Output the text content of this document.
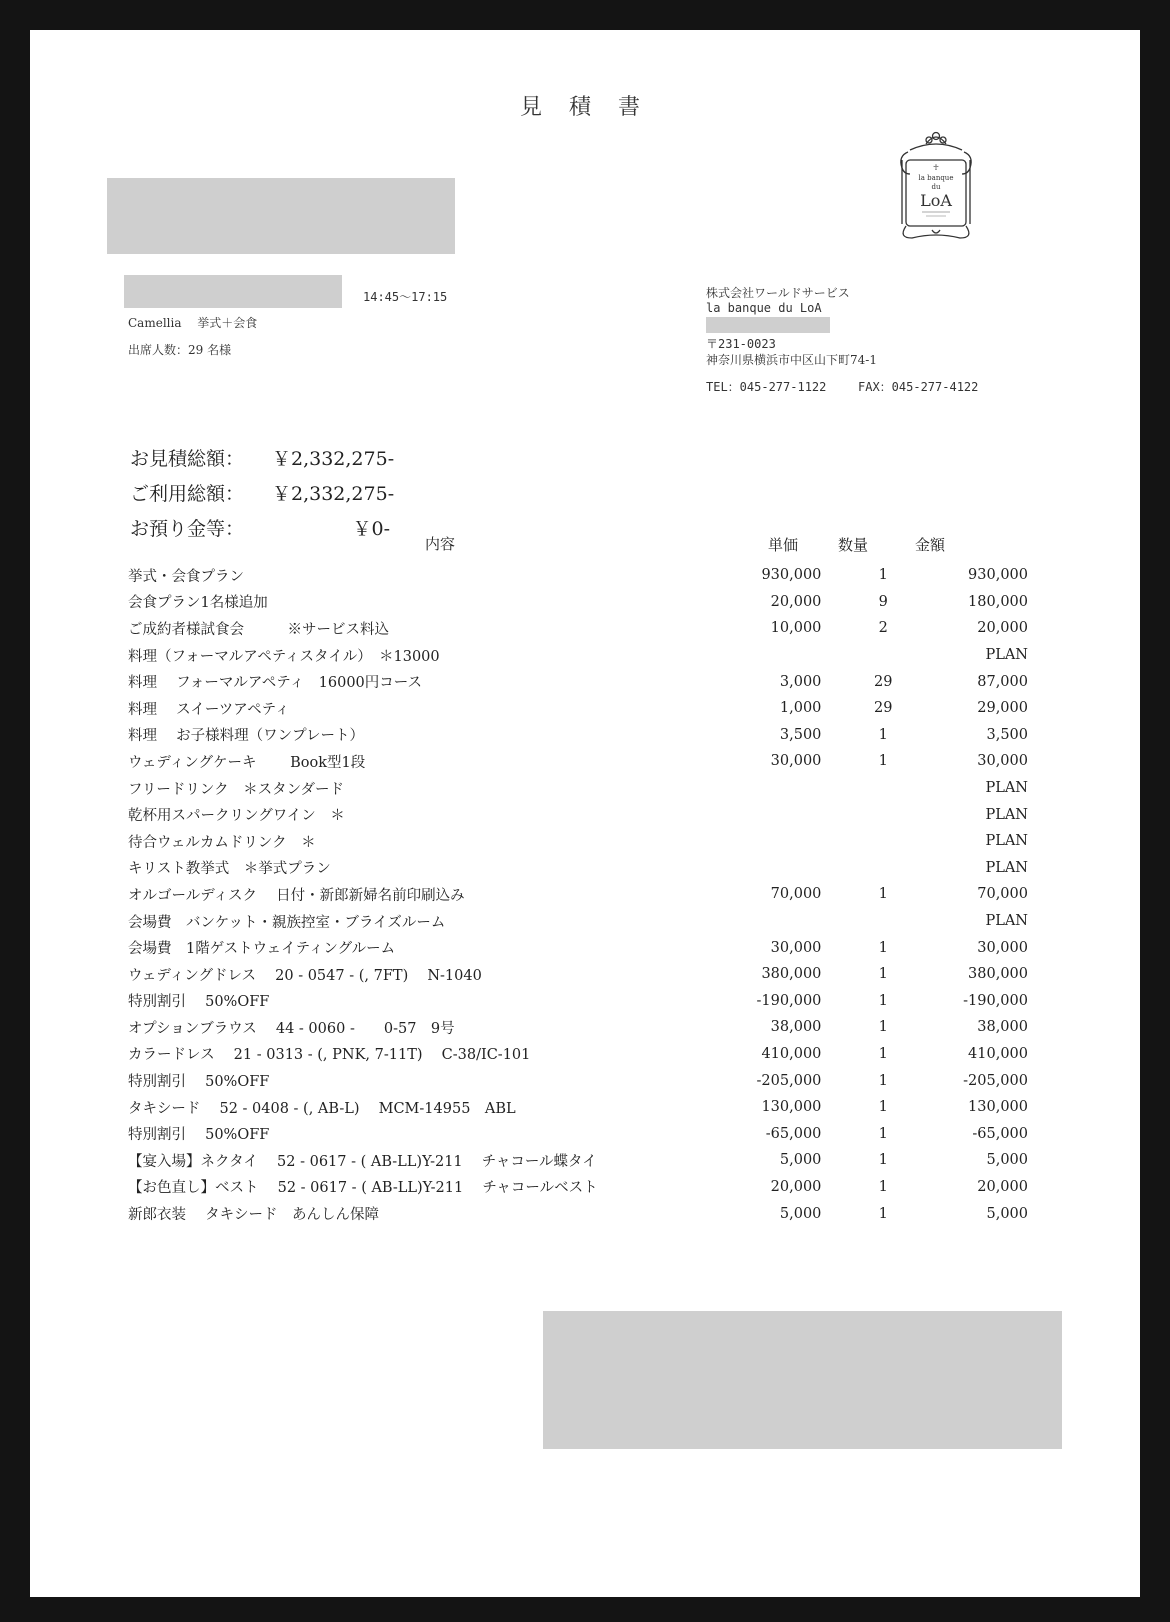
見 積 書
☥
la banque
du
LoA
14:45〜17:15
Camellia　 挙式＋会食
出席人数：29 名様
株式会社ワールドサービス
la banque du LoA
〒231-0023
神奈川県横浜市中区山下町74-1
TEL：045-277-1122	FAX：045-277-4122
お見積総額： ￥2,332,275-
ご利用総額： ￥2,332,275-
お預り金等：	￥0-
内容	単価	数量	金額
挙式・会食プラン	930,000	1	930,000
会食プラン1名様追加	20,000	9	180,000
ご成約者様試食会　　　※サービス料込	10,000	2	20,000
料理（フォーマルアペティスタイル）　＊13000			PLAN
料理　 フォーマルアペティ　16000円コース	3,000	29	87,000
料理　 スイーツアペティ	1,000	29	29,000
料理　 お子様料理（ワンプレート）	3,500	1	3,500
ウェディングケーキ　　 Book型1段	30,000	1	30,000
フリードリンク　＊スタンダード			PLAN
乾杯用スパークリングワイン　＊			PLAN
待合ウェルカムドリンク　＊			PLAN
キリスト教挙式　＊挙式プラン			PLAN
オルゴールディスク　 日付・新郎新婦名前印刷込み	70,000	1	70,000
会場費　バンケット・親族控室・ブライズルーム			PLAN
会場費　1階ゲストウェイティングルーム	30,000	1	30,000
ウェディングドレス　 20 - 0547 - (, 7FT)　 N-1040	380,000	1	380,000
特別割引　 50%OFF	-190,000	1	-190,000
オプションブラウス　 44 - 0060 -　　0-57　9号	38,000	1	38,000
カラードレス　 21 - 0313 - (, PNK, 7-11T)　 C-38/IC-101	410,000	1	410,000
特別割引　 50%OFF	-205,000	1	-205,000
タキシード　 52 - 0408 - (, AB-L)　 MCM-14955　ABL	130,000	1	130,000
特別割引　 50%OFF	-65,000	1	-65,000
【宴入場】ネクタイ　 52 - 0617 - ( AB-LL)Y-211　 チャコール蝶タイ	5,000	1	5,000
【お色直し】ベスト　 52 - 0617 - ( AB-LL)Y-211　 チャコールベスト	20,000	1	20,000
新郎衣装　 タキシード　あんしん保障	5,000	1	5,000
